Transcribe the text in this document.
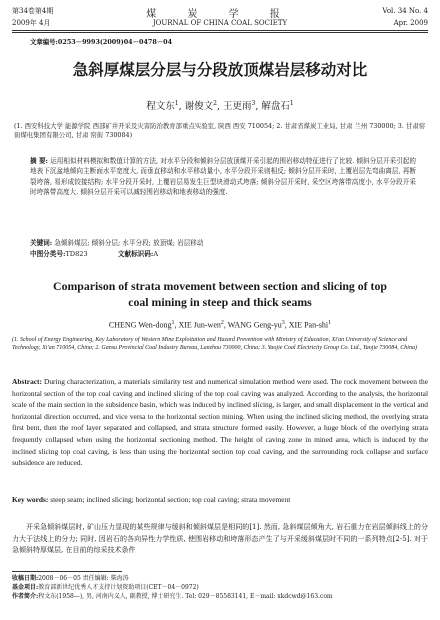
第34卷第4期
2009年 4月
煤 炭 学 报
JOURNAL OF CHINA COAL SOCIETY
Vol. 34 No. 4
Apr. 2009
文章编号:0253－9993(2009)04－0478－04
急斜厚煤层分层与分段放顶煤岩层移动对比
程文东$^1$, 谢俊文$^2$, 王更雨$^3$, 解盘石$^1$
(1. 西安科技大学 能源学院 西部矿井开采及灾害防治教育部重点实验室, 陕西 西安 710054; 2. 甘肃省煤炭工业局, 甘肃 兰州 730000; 3. 甘肃窑街煤电集团有限公司, 甘肃 窑街 730084)
摘 要: 运用相似材料模拟和数值计算的方法, 对水平分段和倾斜分层放顶煤开采引起的围岩移动特征进行了比较. 倾斜分层开采引起的地表下沉盆地倾向主断面水平宽度大, 而垂直移动和水平移动量小, 水平分段开采则相反; 倾斜分层开采时, 上覆岩层先弯曲离层, 再断裂垮落, 易形成铰接结构; 水平分段开采时, 上覆岩层易发生巨型块滑动式垮落; 倾斜分层开采时, 采空区垮落带高度小, 水平分段开采时垮落带高度大. 倾斜分层开采可以减轻围岩移动和地表移动的强度.
关键词: 急倾斜煤层; 倾斜分层; 水平分段; 放顶煤; 岩层移动
中图分类号:TD823	文献标识码:A
Comparison of strata movement between section and slicing of top
coal mining in steep and thick seams
CHENG Wen-dong$^1$, XIE Jun-wen$^2$, WANG Geng-$yu^3$, XIE Pan-shi$^1$
(1. School of Energy Engineering, Key Laboratory of Western Mine Exploitation and Hazard Prevention with Ministry of Education, Xi'an University of Science and Technology, Xi'an 710054, China; 2. Gansu Provincial Coal Industry Bureau, Lanzhou 730000, China; 3. Yaojie Coal Electricity Group Co. Ltd., Yaojie 730084, China)
Abstract: During characterization, a materials similarity test and numerical simulation method were used. The rock movement between the horizontal section of the top coal caving and inclined slicing of the top coal caving was analyzed. According to the analysis, the horizontal scale of the main section in the subsidence basin, which was induced by inclined slicing, is larger, and small displacement in the vertical and horizontal direction occurred, and vice versa to the horizontal section mining. When using the inclined slicing method, the overlying strata first bent, then the roof layer separated and collapsed, and strata structure formed easily. However, a huge block of the overlying strata frequently collapsed when using the horizontal sectioning method. The height of caving zone in mined area, which is induced by the inclined slicing top coal caving, is less than using the horizontal section top coal caving, and the surrounding rock collapse and surface subsidence are reduced.
Key words: steep seam; inclined slicing; horizontal section; top coal caving; strata movement
开采急倾斜煤层时, 矿山压力显现的某些规律与缓斜和倾斜煤层是相同的[1]. 然而, 急斜煤层倾角大, 岩石重力在岩层倾斜线上的分力大于法线上的分力; 同时, 因岩石的各向异性力学性质, 使围岩移动和垮落形态产生了与开采缓斜煤层时不同的一系列特点[2-5]. 对于急倾斜特厚煤层, 在目前的综采技术条件
收稿日期:2008－06－05 责任编辑: 柴海涛
基金项目:教育部新世纪优秀人才支持计划资助项目(CET－04－0972)
作者简介:程文东(1958—), 男, 河南内义人, 副教授, 博士研究生. Tel: 029－85583141, E－mail: xkdcwd@163.com
